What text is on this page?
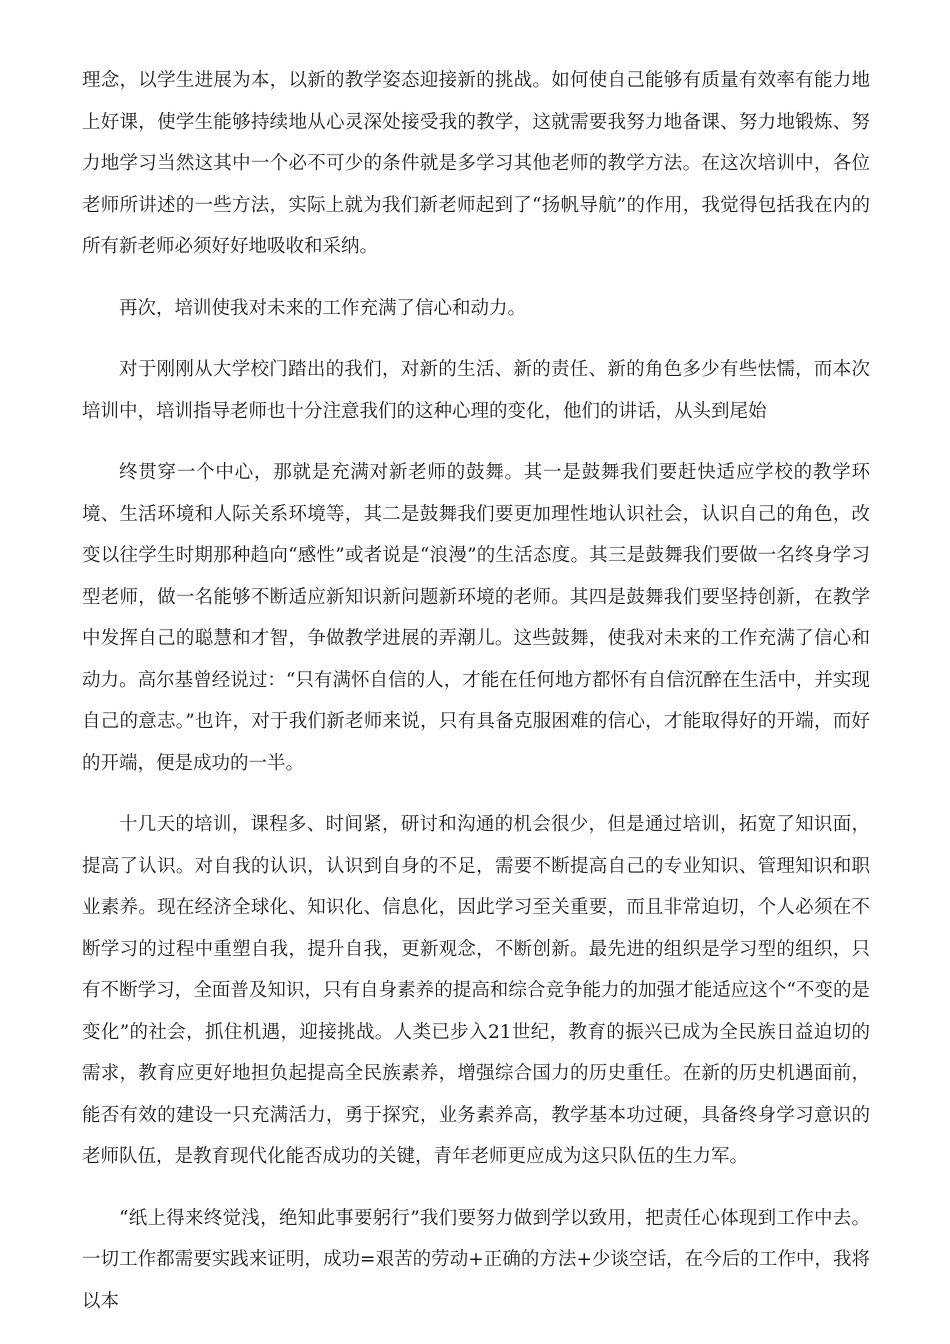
理念，以学生进展为本，以新的教学姿态迎接新的挑战。如何使自己能够有质量有效率有能力地上好课，使学生能够持续地从心灵深处接受我的教学，这就需要我努力地备课、努力地锻炼、努力地学习当然这其中一个必不可少的条件就是多学习其他老师的教学方法。在这次培训中，各位老师所讲述的一些方法，实际上就为我们新老师起到了“扬帆导航”的作用，我觉得包括我在内的所有新老师必须好好地吸收和采纳。

再次，培训使我对未来的工作充满了信心和动力。

对于刚刚从大学校门踏出的我们，对新的生活、新的责任、新的角色多少有些怯懦，而本次培训中，培训指导老师也十分注意我们的这种心理的变化，他们的讲话，从头到尾始

终贯穿一个中心，那就是充满对新老师的鼓舞。其一是鼓舞我们要赶快适应学校的教学环境、生活环境和人际关系环境等，其二是鼓舞我们要更加理性地认识社会，认识自己的角色，改变以往学生时期那种趋向“感性”或者说是“浪漫”的生活态度。其三是鼓舞我们要做一名终身学习型老师，做一名能够不断适应新知识新问题新环境的老师。其四是鼓舞我们要坚持创新，在教学中发挥自己的聪慧和才智，争做教学进展的弄潮儿。这些鼓舞，使我对未来的工作充满了信心和动力。高尔基曾经说过：“只有满怀自信的人，才能在任何地方都怀有自信沉醉在生活中，并实现自己的意志。”也许，对于我们新老师来说，只有具备克服困难的信心，才能取得好的开端，而好的开端，便是成功的一半。

十几天的培训，课程多、时间紧，研讨和沟通的机会很少，但是通过培训，拓宽了知识面，提高了认识。对自我的认识，认识到自身的不足，需要不断提高自己的专业知识、管理知识和职业素养。现在经济全球化、知识化、信息化，因此学习至关重要，而且非常迫切，个人必须在不断学习的过程中重塑自我，提升自我，更新观念，不断创新。最先进的组织是学习型的组织，只有不断学习，全面普及知识，只有自身素养的提高和综合竞争能力的加强才能适应这个“不变的是变化”的社会，抓住机遇，迎接挑战。人类已步入21世纪，教育的振兴已成为全民族日益迫切的需求，教育应更好地担负起提高全民族素养，增强综合国力的历史重任。在新的历史机遇面前，能否有效的建设一只充满活力，勇于探究，业务素养高，教学基本功过硬，具备终身学习意识的老师队伍，是教育现代化能否成功的关键，青年老师更应成为这只队伍的生力军。

“纸上得来终觉浅，绝知此事要躬行”我们要努力做到学以致用，把责任心体现到工作中去。一切工作都需要实践来证明，成功=艰苦的劳动+正确的方法+少谈空话，在今后的工作中，我将以本
